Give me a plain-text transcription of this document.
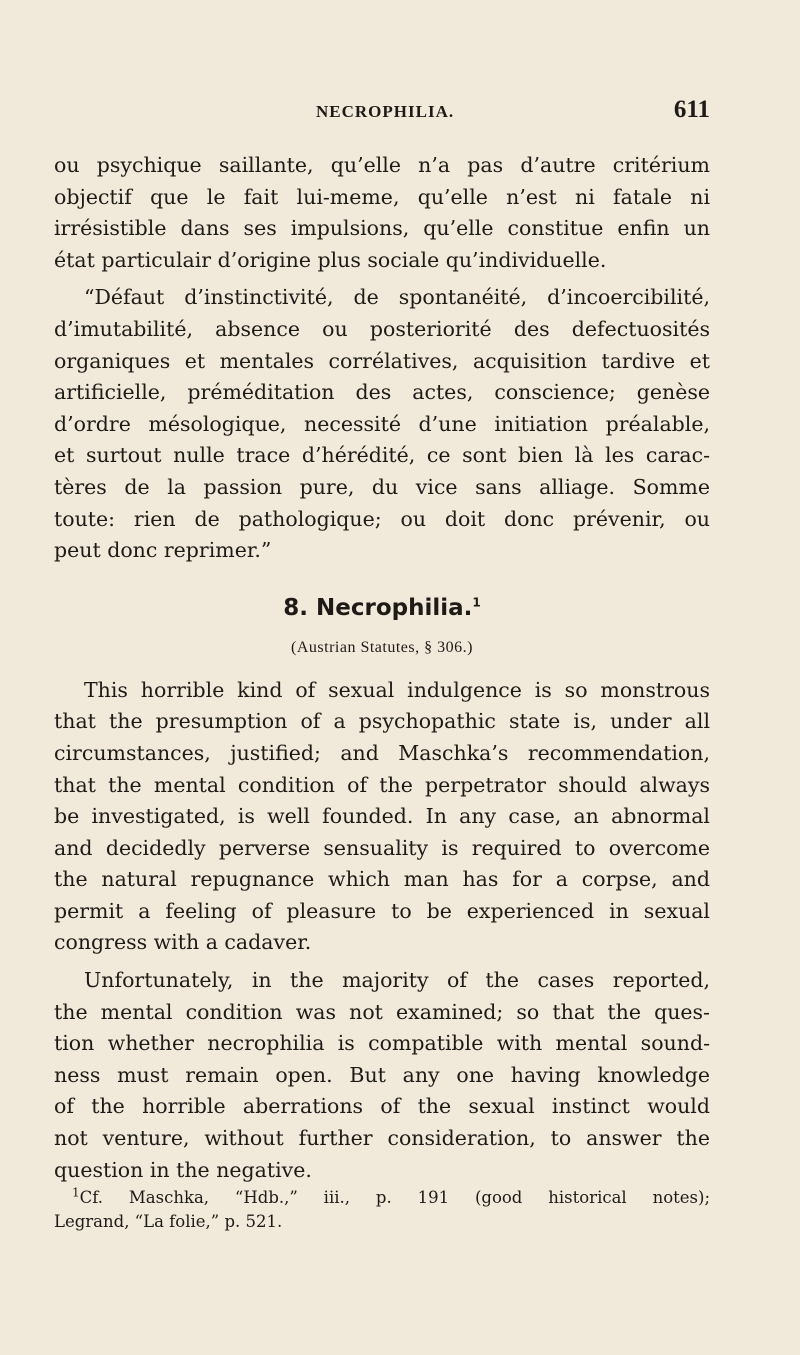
NECROPHILIA.	611
ou psychique saillante, qu’elle n’a pas d’autre critérium
objectif que le fait lui-meme, qu’elle n’est ni fatale ni
irrésistible dans ses impulsions, qu’elle constitue enfin un
état particulair d’origine plus sociale qu’individuelle.
“Défaut d’instinctivité, de spontanéité, d’incoercibilité,
d’imutabilité, absence ou posteriorité des defectuosités
organiques et mentales corrélatives, acquisition tardive et
artificielle, préméditation des actes, conscience; genèse
d’ordre mésologique, necessité d’une initiation préalable,
et surtout nulle trace d’hérédité, ce sont bien là les carac-
tères de la passion pure, du vice sans alliage. Somme
toute: rien de pathologique; ou doit donc prévenir, ou
peut donc reprimer.”
8. Necrophilia.$^1$
(Austrian Statutes, § 306.)
This horrible kind of sexual indulgence is so monstrous
that the presumption of a psychopathic state is, under all
circumstances, justified; and Maschka’s recommendation,
that the mental condition of the perpetrator should always
be investigated, is well founded. In any case, an abnormal
and decidedly perverse sensuality is required to overcome
the natural repugnance which man has for a corpse, and
permit a feeling of pleasure to be experienced in sexual
congress with a cadaver.
Unfortunately, in the majority of the cases reported,
the mental condition was not examined; so that the ques-
tion whether necrophilia is compatible with mental sound-
ness must remain open. But any one having knowledge
of the horrible aberrations of the sexual instinct would
not venture, without further consideration, to answer the
question in the negative.
$^1$Cf. Maschka, “Hdb.,” iii., p. 191 (good historical notes);
Legrand, “La folie,” p. 521.
